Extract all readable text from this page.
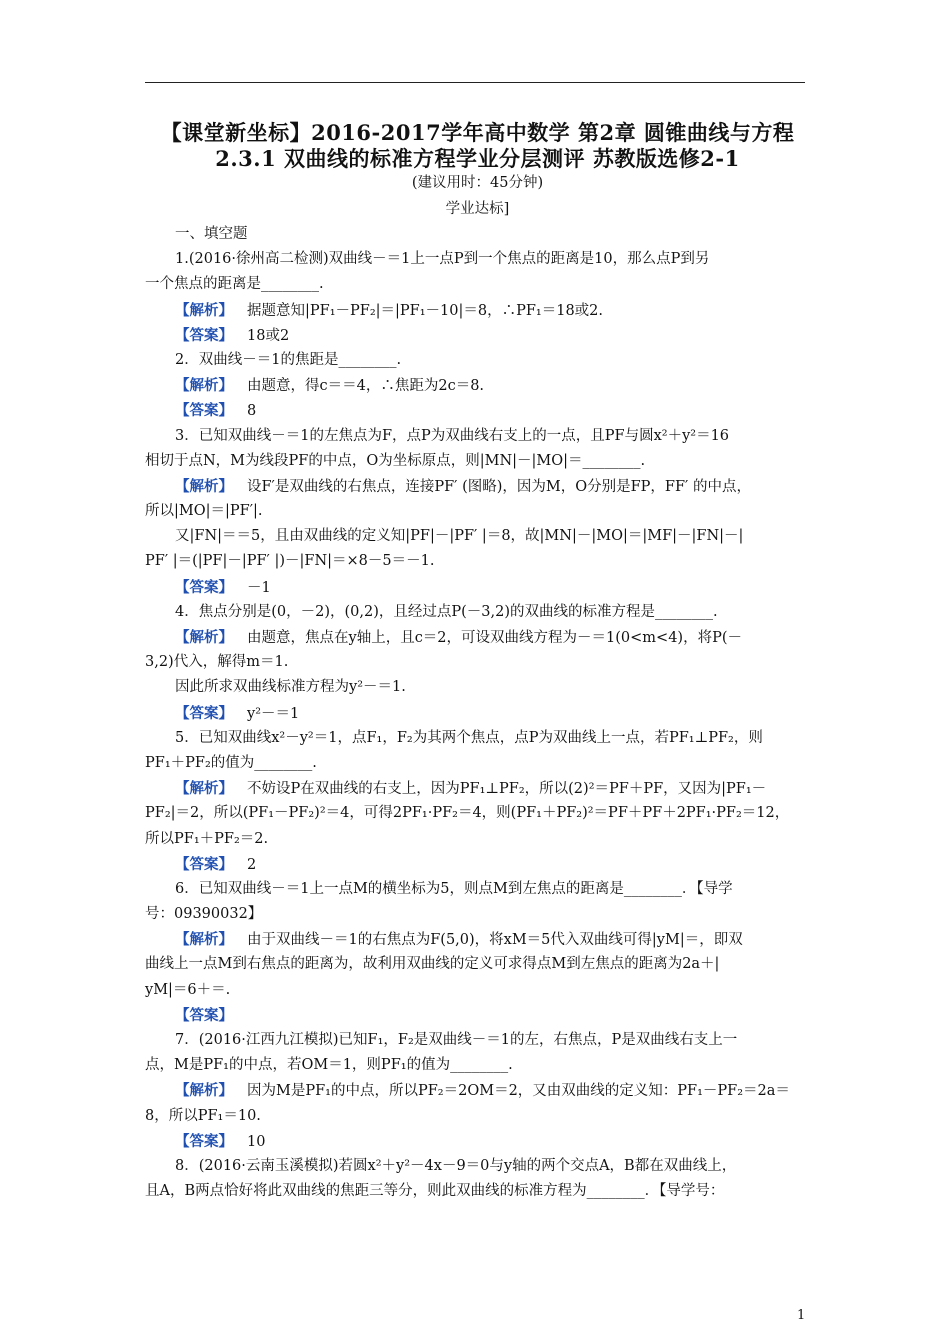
【课堂新坐标】2016-2017学年高中数学 第2章 圆锥曲线与方程

2.3.1 双曲线的标准方程学业分层测评 苏教版选修2-1

(建议用时：45分钟)

学业达标]

一、填空题
1.(2016·徐州高二检测)双曲线－＝1上一点P到一个焦点的距离是10，那么点P到另
一个焦点的距离是________.
【解析】 据题意知|PF₁－PF₂|＝|PF₁－10|＝8，∴PF₁＝18或2.
【答案】 18或2
2．双曲线－＝1的焦距是________.
【解析】 由题意，得c＝＝4，∴焦距为2c＝8.
【答案】 8
3．已知双曲线－＝1的左焦点为F，点P为双曲线右支上的一点，且PF与圆x²＋y²＝16
相切于点N，M为线段PF的中点，O为坐标原点，则|MN|－|MO|＝________.
【解析】 设F′是双曲线的右焦点，连接PF′ (图略)，因为M，O分别是FP，FF′ 的中点，
所以|MO|＝|PF′|.
又|FN|＝＝5，且由双曲线的定义知|PF|－|PF′ |＝8，故|MN|－|MO|＝|MF|－|FN|－|
PF′ |＝(|PF|－|PF′ |)－|FN|＝×8－5＝－1.
【答案】 －1
4．焦点分别是(0，－2)，(0,2)，且经过点P(－3,2)的双曲线的标准方程是________.
【解析】 由题意，焦点在y轴上，且c＝2，可设双曲线方程为－＝1(0<m<4)，将P(－
3,2)代入，解得m＝1.
因此所求双曲线标准方程为y²－＝1.
【答案】 y²－＝1
5．已知双曲线x²－y²＝1，点F₁，F₂为其两个焦点，点P为双曲线上一点，若PF₁⊥PF₂，则
PF₁＋PF₂的值为________.
【解析】 不妨设P在双曲线的右支上，因为PF₁⊥PF₂，所以(2)²＝PF＋PF，又因为|PF₁－
PF₂|＝2，所以(PF₁－PF₂)²＝4，可得2PF₁·PF₂＝4，则(PF₁＋PF₂)²＝PF＋PF＋2PF₁·PF₂＝12，
所以PF₁＋PF₂＝2.
【答案】 2
6．已知双曲线－＝1上一点M的横坐标为5，则点M到左焦点的距离是________．【导学
号：09390032】
【解析】 由于双曲线－＝1的右焦点为F(5,0)，将xM＝5代入双曲线可得|yM|＝，即双
曲线上一点M到右焦点的距离为，故利用双曲线的定义可求得点M到左焦点的距离为2a＋|
yM|＝6＋＝.
【答案】
7．(2016·江西九江模拟)已知F₁，F₂是双曲线－＝1的左，右焦点，P是双曲线右支上一
点，M是PF₁的中点，若OM＝1，则PF₁的值为________.
【解析】 因为M是PF₁的中点，所以PF₂＝2OM＝2，又由双曲线的定义知：PF₁－PF₂＝2a＝
8，所以PF₁＝10.
【答案】 10
8．(2016·云南玉溪模拟)若圆x²＋y²－4x－9＝0与y轴的两个交点A，B都在双曲线上，
且A，B两点恰好将此双曲线的焦距三等分，则此双曲线的标准方程为________．【导学号：
1
